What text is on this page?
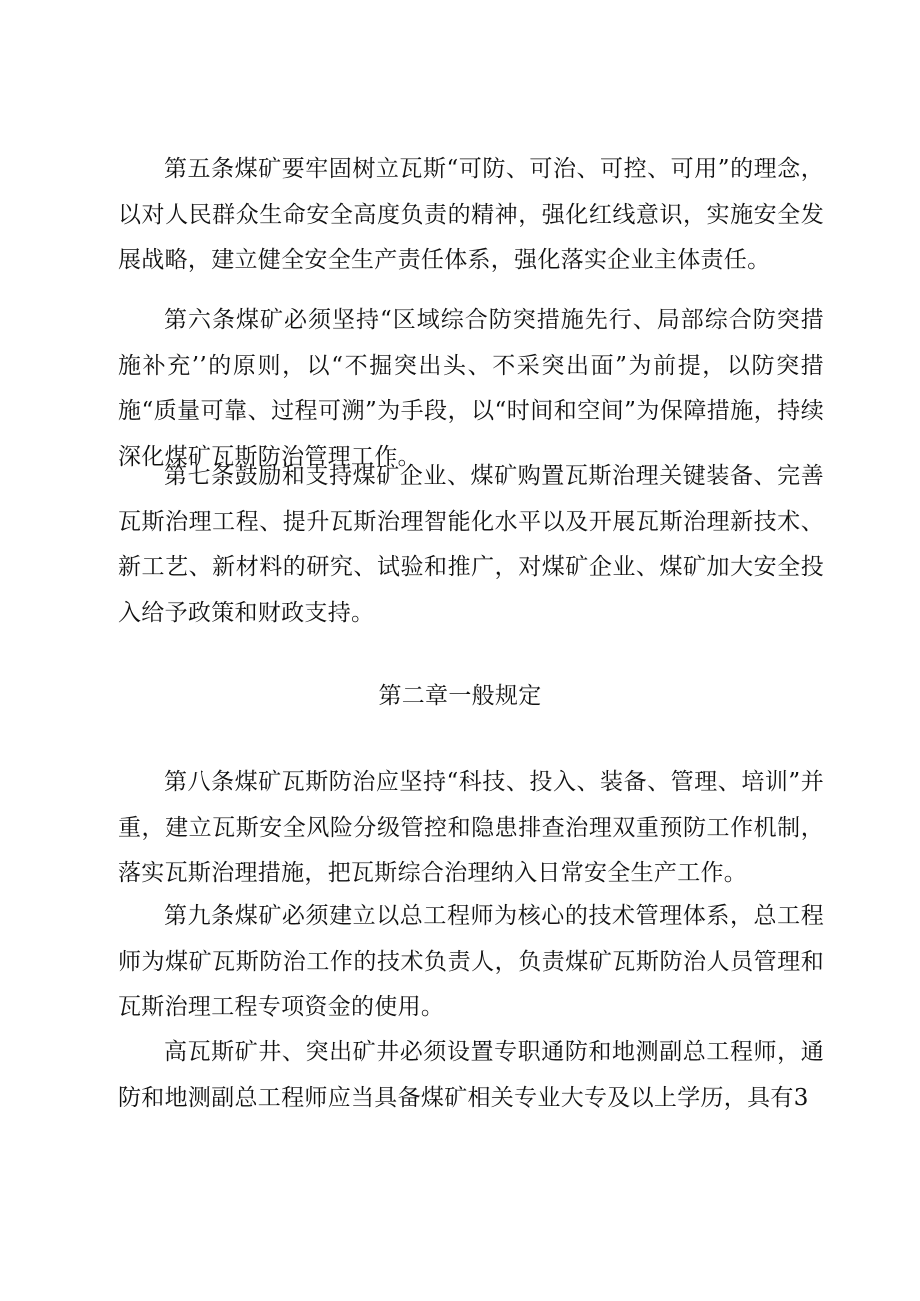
第五条煤矿要牢固树立瓦斯“可防、可治、可控、可用”的理念，以对人民群众生命安全高度负责的精神，强化红线意识，实施安全发展战略，建立健全安全生产责任体系，强化落实企业主体责任。

第六条煤矿必须坚持“区域综合防突措施先行、局部综合防突措施补充’’的原则，以“不掘突出头、不采突出面”为前提，以防突措施“质量可靠、过程可溯”为手段，以“时间和空间”为保障措施，持续深化煤矿瓦斯防治管理工作。

第七条鼓励和支持煤矿企业、煤矿购置瓦斯治理关键装备、完善瓦斯治理工程、提升瓦斯治理智能化水平以及开展瓦斯治理新技术、新工艺、新材料的研究、试验和推广，对煤矿企业、煤矿加大安全投入给予政策和财政支持。

第二章一般规定

第八条煤矿瓦斯防治应坚持“科技、投入、装备、管理、培训”并重，建立瓦斯安全风险分级管控和隐患排查治理双重预防工作机制，落实瓦斯治理措施，把瓦斯综合治理纳入日常安全生产工作。

第九条煤矿必须建立以总工程师为核心的技术管理体系，总工程师为煤矿瓦斯防治工作的技术负责人，负责煤矿瓦斯防治人员管理和瓦斯治理工程专项资金的使用。

高瓦斯矿井、突出矿井必须设置专职通防和地测副总工程师，通防和地测副总工程师应当具备煤矿相关专业大专及以上学历，具有3
